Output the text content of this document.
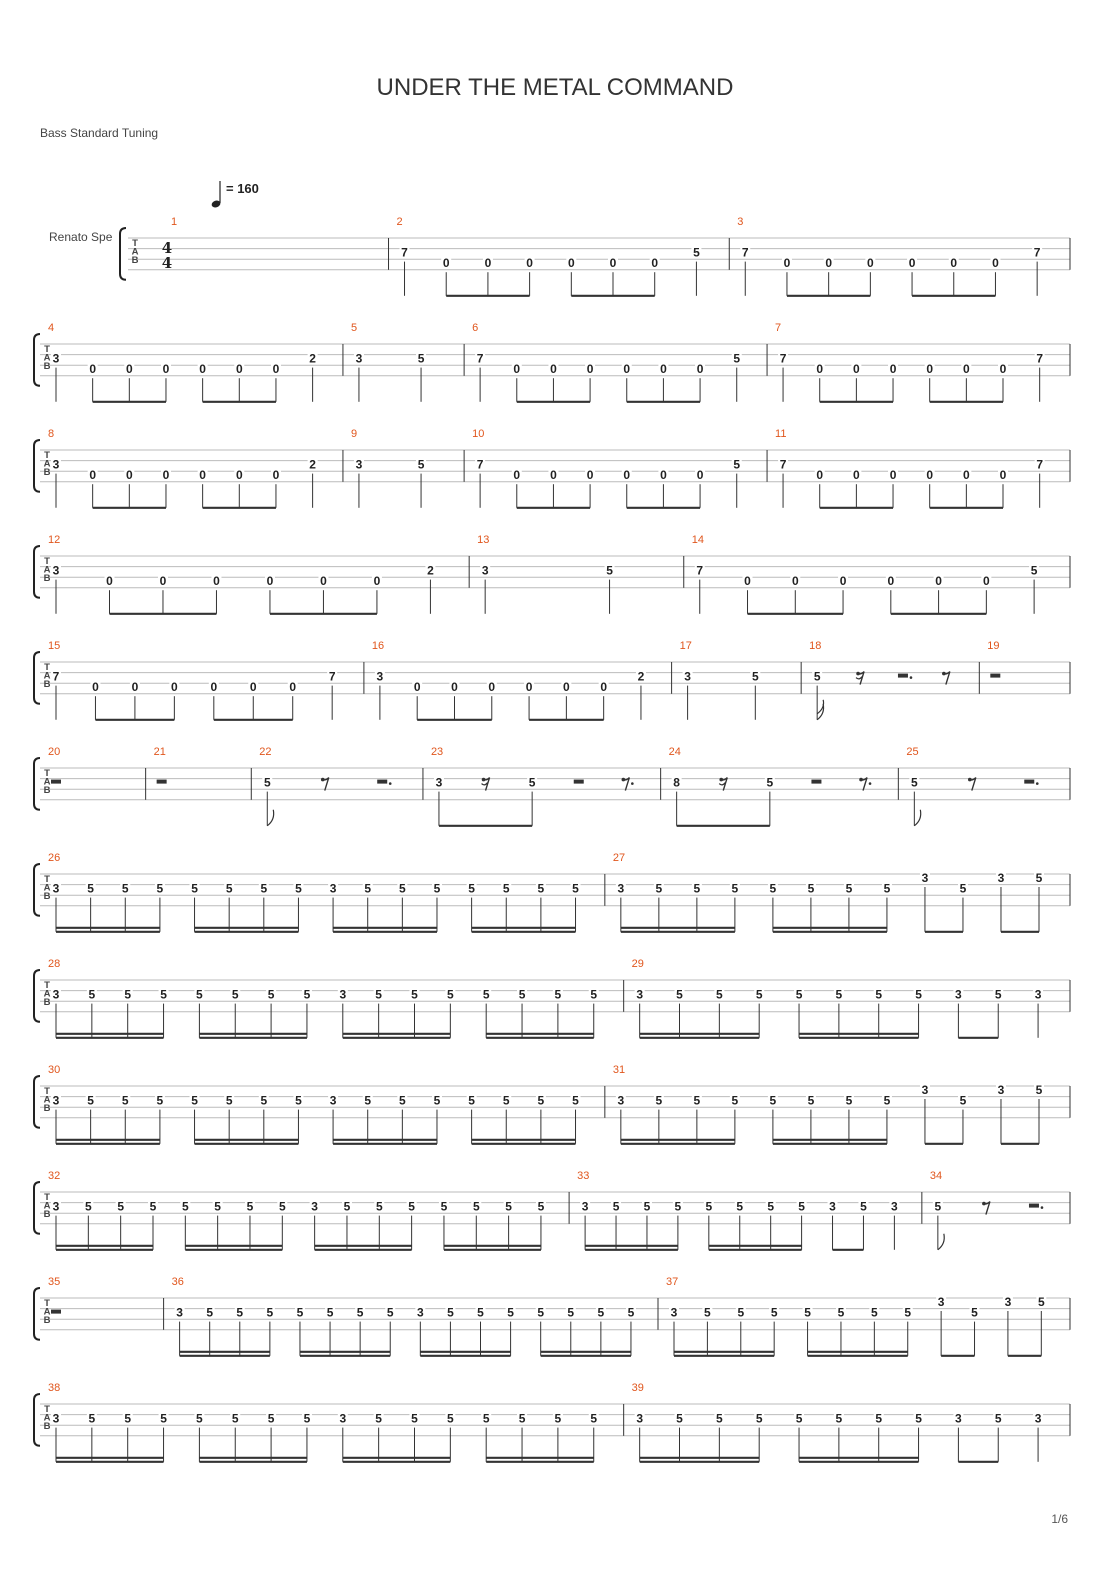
UNDER THE METAL COMMAND
Bass Standard Tuning
= 160
Renato Spe T
A
B
4
4
1	2
7
0	0	0	0	0	0
5
3
7
0	0	0	0	0	0
7
T
A
B
4
3
0 0 0 0 0 0
2
5
3	5
6
7
0 0 0 0 0 0
5
7
7
0 0 0 0 0 0
7
T
A
B
8
3
0 0 0 0 0 0
2
9
3	5
10
7
0 0 0 0 0 0
5
11
7
0 0 0 0 0 0
7
T
A
B
12
3
0	0	0	0	0	0
2
13
3	5
14
7
0	0	0	0	0	0
5
T
A
B
15
7
0	0	0	0	0	0
7
16
3
0	0	0	0	0	0
2
17
3	5
18
5
19
T
A
B
20	21	22
5
23
3	5
24
8	5
25
5
T
A
B
26
3 5 5 5 5 5 5 5 3 5 5 5 5 5 5 5
27
3	5	5	5	5	5	5	5
3
5
3	5
T
A
B
28
3 5 5 5 5 5 5 5 3 5 5 5 5 5 5 5
29
3	5	5	5	5	5	5	5	3	5	3
T
A
B
30
3 5 5 5 5 5 5 5 3 5 5 5 5 5 5 5
31
3	5	5	5	5	5	5	5
3
5
3	5
T
A
B
32
3 5 5 5 5 5 5 5 3 5 5 5 5 5 5 5
33
3 5 5 5 5 5 5 5 3 5 3
34
5
T
A
B
35	36
3 5 5 5 5 5 5 5 3 5 5 5 5 5 5 5
37
3 5 5 5 5 5 5 5
3
5
3 5
T
A
B
38
3 5 5 5 5 5 5 5 3 5 5 5 5 5 5 5
39
3	5	5	5	5	5	5	5	3	5	3
1/6
